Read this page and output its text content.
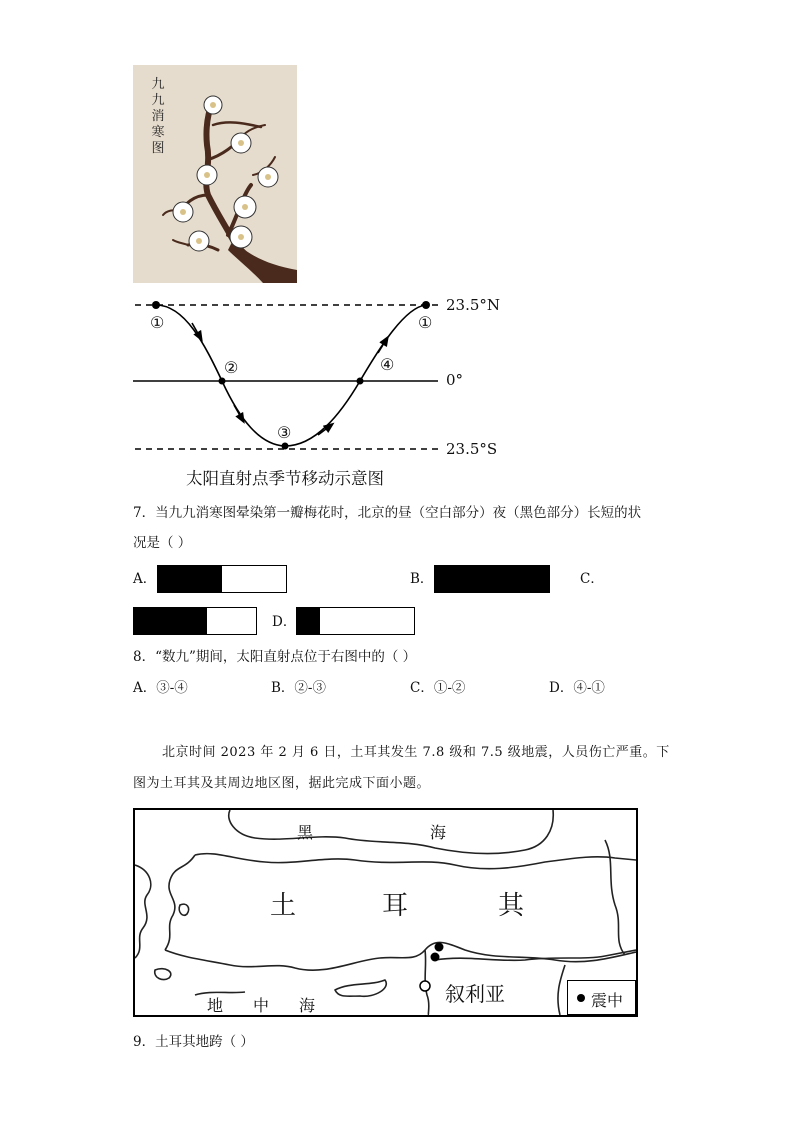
九
九
消
寒
图
①
②
③
④
①
23.5°N
0°
23.5°S
太阳直射点季节移动示意图
7．当九九消寒图晕染第一瓣梅花时，北京的昼（空白部分）夜（黑色部分）长短的状
况是（ ）
A．	B．	C．
D．
8．“数九”期间，太阳直射点位于右图中的（ ）
A．③-④	B．②-③	C．①-②	D．④-①
北京时间 2023 年 2 月 6 日，土耳其发生 7.8 级和 7.5 级地震，人员伤亡严重。下
图为土耳其及其周边地区图，据此完成下面小题。
黑	海
土	耳	其
地 中 海	叙利亚	震中
9．土耳其地跨（ ）
